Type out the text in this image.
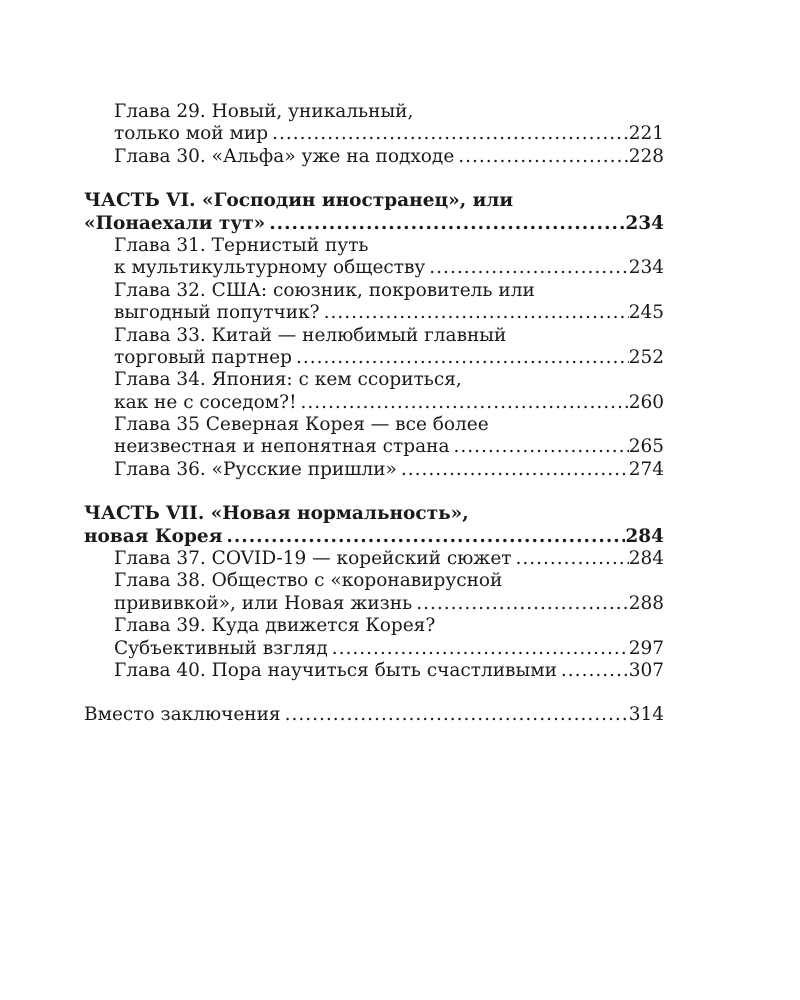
Глава 29. Новый, уникальный,
только мой мир .....	221
Глава 30. «Альфа» уже на подходе .....	228
ЧАСТЬ VI. «Господин иностранец», или
«Понаехали тут» .....	234
Глава 31. Тернистый путь
к мультикультурному обществу .....	234
Глава 32. США: союзник, покровитель или
выгодный попутчик? .....	245
Глава 33. Китай — нелюбимый главный
торговый партнер .....	252
Глава 34. Япония: с кем ссориться,
как не с соседом?! .....	260
Глава 35 Северная Корея — все более
неизвестная и непонятная страна .....	265
Глава 36. «Русские пришли» .....	274
ЧАСТЬ VII. «Новая нормальность»,
новая Корея .....	284
Глава 37. COVID-19 — корейский сюжет .....	284
Глава 38. Общество с «коронавирусной
прививкой», или Новая жизнь .....	288
Глава 39. Куда движется Корея?
Субъективный взгляд .....	297
Глава 40. Пора научиться быть счастливыми .....	307
Вместо заключения .....	314
